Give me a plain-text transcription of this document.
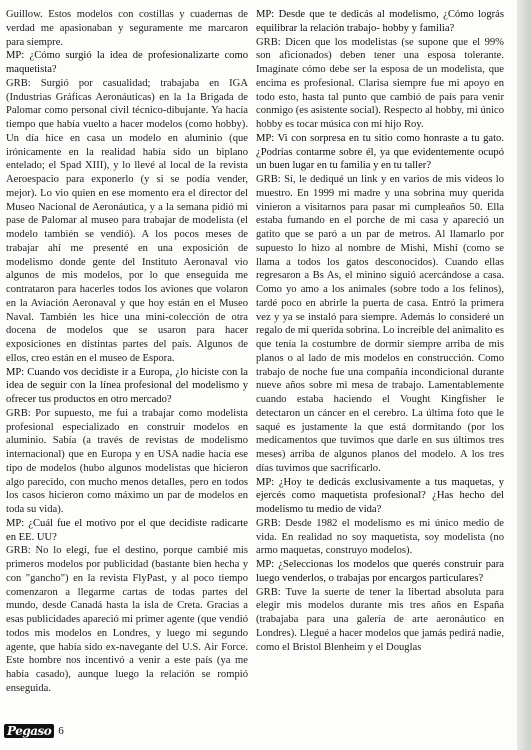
Guillow. Estos modelos con costillas y cuadernas de verdad me apasionaban y seguramente me marcaron para siempre.

MP: ¿Cómo surgió la idea de profesionalizarte como maquetista?

GRB: Surgió por casualidad; trabajaba en IGA (Industrias Gráficas Aeronáuticas) en la 1a Brigada de Palomar como personal civil técnico-dibujante. Ya hacía tiempo que había vuelto a hacer modelos (como hobby). Un día hice en casa un modelo en aluminio (que irónicamente en la realidad había sido un biplano entelado; el Spad XIII), y lo llevé al local de la revista Aeroespacio para exponerlo (y si se podía vender, mejor). Lo vio quien en ese momento era el director del Museo Nacional de Aeronáutica, y a la semana pidió mi pase de Palomar al museo para trabajar de modelista (el modelo también se vendió). A los pocos meses de trabajar ahí me presenté en una exposición de modelismo donde gente del Instituto Aeronaval vio algunos de mis modelos, por lo que enseguida me contrataron para hacerles todos los aviones que volaron en la Aviación Aeronaval y que hoy están en el Museo Naval. También les hice una mini-colección de otra docena de modelos que se usaron para hacer exposiciones en distintas partes del país. Algunos de ellos, creo están en el museo de Espora.

MP: Cuando vos decidiste ir a Europa, ¿lo hiciste con la idea de seguir con la línea profesional del modelismo y ofrecer tus productos en otro mercado?

GRB: Por supuesto, me fui a trabajar como modelista profesional especializado en construir modelos en aluminio. Sabía (a través de revistas de modelismo internacional) que en Europa y en USA nadie hacía ese tipo de modelos (hubo algunos modelistas que hicieron algo parecido, con mucho menos detalles, pero en todos los casos hicieron como máximo un par de modelos en toda su vida).

MP: ¿Cuál fue el motivo por el que decidiste radicarte en EE. UU?

GRB: No lo elegí, fue el destino, porque cambié mis primeros modelos por publicidad (bastante bien hecha y con "gancho") en la revista FlyPast, y al poco tiempo comenzaron a llegarme cartas de todas partes del mundo, desde Canadá hasta la isla de Creta. Gracias a esas publicidades apareció mi primer agente (que vendió todos mis modelos en Londres, y luego mi segundo agente, que había sido ex-navegante del U.S. Air Force. Este hombre nos incentivó a venir a este país (ya me había casado), aunque luego la relación se rompió enseguida.

MP: Desde que te dedicás al modelismo, ¿Cómo lográs equilibrar la relación trabajo- hobby y familia?

GRB: Dicen que los modelistas (se supone que el 99% son aficionados) deben tener una esposa tolerante. Imagínate cómo debe ser la esposa de un modelista, que encima es profesional. Clarisa siempre fue mi apoyo en todo esto, hasta tal punto que cambió de país para venir conmigo (es asistente social). Respecto al hobby, mi único hobby es tocar música con mi hijo Roy.

MP: Vi con sorpresa en tu sitio como honraste a tu gato. ¿Podrías contarme sobre él, ya que evidentemente ocupó un buen lugar en tu familia y en tu taller?

GRB: Sí, le dediqué un link y en varios de mis videos lo muestro. En 1999 mi madre y una sobrina muy querida vinieron a visitarnos para pasar mi cumpleaños 50. Ella estaba fumando en el porche de mi casa y apareció un gatito que se paró a un par de metros. Al llamarlo por supuesto lo hizo al nombre de Mishi, Mishi (como se llama a todos los gatos desconocidos). Cuando ellas regresaron a Bs As, el minino siguió acercándose a casa. Como yo amo a los animales (sobre todo a los felinos), tardé poco en abrirle la puerta de casa. Entró la primera vez y ya se instaló para siempre. Además lo consideré un regalo de mi querida sobrina. Lo increíble del animalito es que tenía la costumbre de dormir siempre arriba de mis planos o al lado de mis modelos en construcción. Como trabajo de noche fue una compañía incondicional durante nueve años sobre mi mesa de trabajo. Lamentablemente cuando estaba haciendo el Vought Kingfisher le detectaron un cáncer en el cerebro. La última foto que le saqué es justamente la que está dormitando (por los medicamentos que tuvimos que darle en sus últimos tres meses) arriba de algunos planos del modelo. A los tres días tuvimos que sacrificarlo.

MP: ¿Hoy te dedicás exclusivamente a tus maquetas, y ejercés como maquetista profesional? ¿Has hecho del modelismo tu medio de vida?

GRB: Desde 1982 el modelismo es mi único medio de vida. En realidad no soy maquetista, soy modelista (no armo maquetas, construyo modelos).

MP: ¿Seleccionas los modelos que querés construir para luego venderlos, o trabajas por encargos particulares?

GRB: Tuve la suerte de tener la libertad absoluta para elegir mis modelos durante mis tres años en España (trabajaba para una galería de arte aeronáutico en Londres). Llegué a hacer modelos que jamás pedirá nadie, como el Bristol Blenheim y el Douglas

Pegaso 6
